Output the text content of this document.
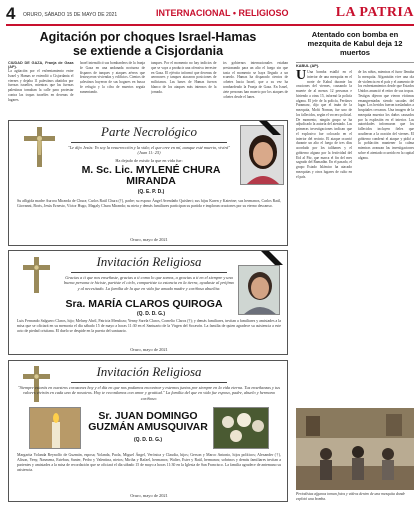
4 ORURO, SÁBADO 15 DE MAYO DE 2021	INTERNACIONAL • RELIGIOSO	LA PATRIA
Agitación por choques Israel-Hamas
se extiende a Cisjordania
CIUDAD DE GAZA, Franja de Gaza (AP).
La agitación por el enfrentamiento entre Israel y Hamas se extendió a Cisjordania el viernes y dejaba 11 palestinos abatidos por fuerzas israelíes, mientras que las fuerzas palestinas tomaban la calle para protestar contra las tropas israelíes en decenas de lugares.
Israel intensificó sus bombardeos de la franja de Gaza en una andanada nocturna de disparos de tanques y ataques aéreos que destruyeron viviendas y edificios. Cientos de palestinos huyeron de sus hogares en busca de refugio y la cifra de muertos seguía aumentando.
tanques. Por el momento no hay indicios de que se vaya a producir una ofensiva terrestre en Gaza. El ejército informó que decenas de aeronaves y tanques atacaron posiciones de milicianos. Las bases de Hamas fueron blanco de los ataques más intensos de la jornada.
los gobiernos internacionales estaban presionando para un alto el fuego sin que hasta el momento se haya llegado a un acuerdo. Hamas ha disparado cientos de cohetes hacia Israel, que a su vez ha bombardeado la Franja de Gaza. En Israel, siete personas han muerto por los ataques de cohetes desde el lunes.
Parte Necrológico
"Le dijo Jesús: Yo soy la resurrección y la vida; el que cree en mí, aunque esté muerto, vivirá" (Juan 11: 25)
Ha dejado de existir la que en vida fue:
M. Sc. Lic. MYLENÉ CHURA MIRANDA
(Q. E. P. D.)
Su afligida madre Aurora Miranda de Chura; Carlos Raúl Chura (†), padre; su esposo Ángel Avendaño Quisbert; sus hijas Karen y Katerine; sus hermanos, Carlos Raúl, Giovanni, Boris, Jesús Ernesto, Víctor Hugo, Magaly Chura Miranda; su nieta y demás familiares participan su partida e imploran oraciones por su eterno descanso.
Oruro, mayo de 2021
Invitación Religiosa
Gracias a ti que nos enseñaste, gracias a ti como lo que somos, a gracias a ti en el siempre y una buena persona te hiciste, partiste el cielo, compartiste tu estancia en la tierra, ayudaste al prójimo y al necesitado. La familia de la que en vida fue amada madre y cariñosa abuelita:
Sra. MARÍA CLAROS QUIROGA
(Q. D. D. G.)
Luis Fernando Salguero Claros, hijo; Melany Abril, Patricia Mendoza; Yenny Sarela Claros, Cornelio Claros (†); y demás familiares, invitan a familiares y amistades a la misa que se oficiará en su memoria el día sábado 15 de mayo a horas 11:30 en el Santuario de la Virgen del Socavón. La familia de quien agradece su asistencia a este acto de piedad cristiana. El duelo se despide en la puerta del santuario.
Oruro, mayo de 2021
Invitación Religiosa
"Siempre estarás en nuestros corazones hoy y el día en que nos podamos encontrar y estemos juntos por siempre en la vida eterna. Tus enseñanzas y tus valores vivirán en cada uno de nosotros. Hoy te recordamos con amor y gratitud." La familia del que en vida fue esposo, padre, abuelo y hermano cariñoso:
Sr. JUAN DOMINGO
GUZMÁN AMUSQUIVAR
(Q. D. D. G.)
Margarita Yolanda Reynolfo de Guzmán, esposa; Yolanda, Paola, Miguel Ángel, Verónica y Claudia, hijos; Gerson y Marco Antonio, hijos políticos; Alexander (†), Alison, Yeny, Nasmena, Esteban, Santer, Pedro y Valentina, nietos; Mirtha y Rafael, hermanos; Walter, Ester y Raúl, hermanos; sobrinos y demás familiares invitan a parientes y amistades a la misa de recordación que se oficiará el día sábado 15 de mayo a horas 11:30 en la Iglesia de San Francisco. La familia agradece de antemano su asistencia.
Oruro, mayo de 2021
Atentado con bomba en mezquita de Kabul deja 12 muertos
KABUL (AP).
U Una bomba estalló en el interior de una mezquita en el norte de Kabul durante las oraciones del viernes, causando la muerte de al menos 12 personas e hiriendo a otras 15, informó la policía afgana. El jefe de la policía, Ferdaws Faramarz, dijo que el imán de la mezquita, Mofti Noman, fue uno de los fallecidos, según el vocero policial. De momento, ningún grupo se ha adjudicado la autoría del atentado. Las primeras investigaciones indican que el explosivo fue colocado en el interior del recinto. El ataque ocurrió durante un alto el fuego de tres días acordado por los talibanes y el gobierno afgano por la festividad del Eid al Fitr, que marca el fin del mes sagrado del Ramadán. En el pasado, el grupo Estado Islámico ha atacado mezquitas y otros lugares de culto en el país.
de los niños, mientras el furor llenaba la mezquita. Afganistán vive una ola de violencia en el país y el aumento de los enfrentamientos desde que Estados Unidos anunció el retiro de sus tropas. Testigos dijeron que vieron víctimas ensangrentadas siendo sacadas del lugar. Los heridos fueron trasladados a hospitales cercanos. Una imagen de la mezquita muestra los daños causados por la explosión en el interior. Las autoridades informaron que los fallecidos incluyen fieles que acudieron a la oración del viernes. El gobierno condenó el ataque y pidió a la población mantener la calma mientras avanzan las investigaciones sobre el atentado ocurrido en la capital afgana.
Periodistas afganos toman fotos y videos dentro de una mezquita donde explotó una bomba.
